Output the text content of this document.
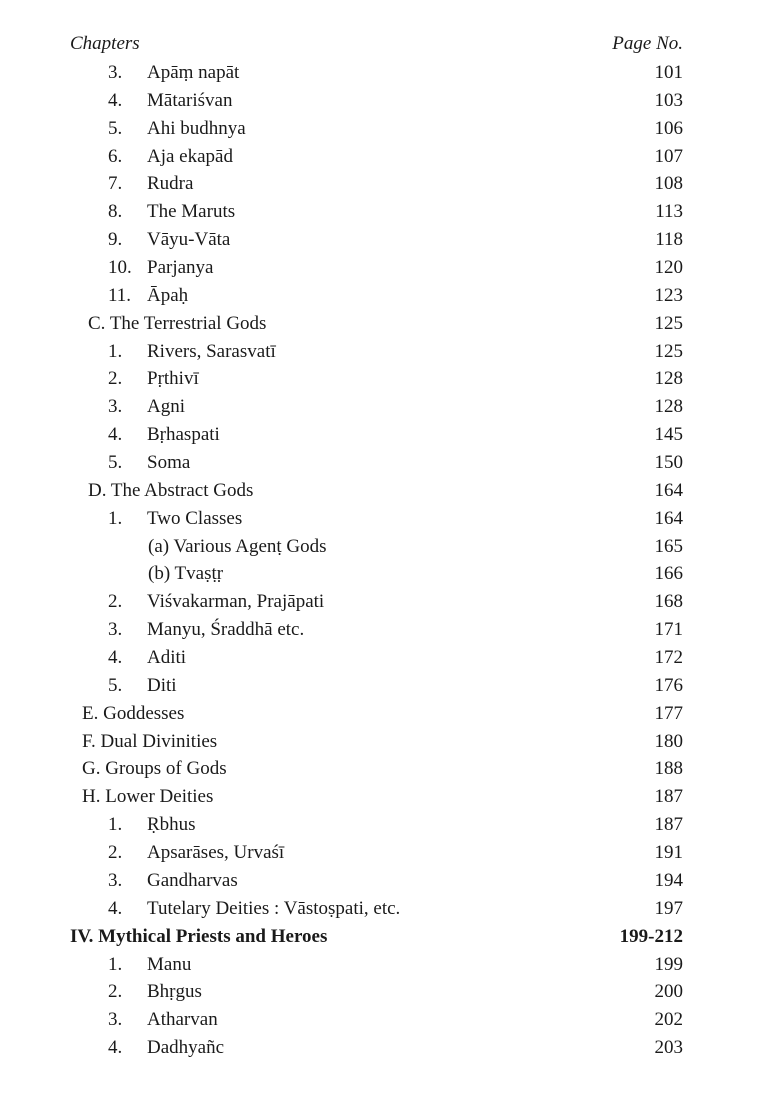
Chapters	Page No.
3. Apāṃ napāt	101
4. Mātariśvan	103
5. Ahi budhnya	106
6. Aja ekapād	107
7. Rudra	108
8. The Maruts	113
9. Vāyu-Vāta	118
10. Parjanya	120
11. Āpaḥ	123
C. The Terrestrial Gods	125
1. Rivers, Sarasvatī	125
2. Pṛthivī	128
3. Agni	128
4. Bṛhaspati	145
5. Soma	150
D. The Abstract Gods	164
1. Two Classes	164
(a) Various Agenṭ Gods	165
(b) Tvaṣṭṛ	166
2. Viśvakarman, Prajāpati	168
3. Manyu, Śraddhā etc.	171
4. Aditi	172
5. Diti	176
E. Goddesses	177
F. Dual Divinities	180
G. Groups of Gods	188
H. Lower Deities	187
1. Ṛbhus	187
2. Apsarāses, Urvaśī	191
3. Gandharvas	194
4. Tutelary Deities : Vāstoṣpati, etc.	197
IV. Mythical Priests and Heroes	199-212
1. Manu	199
2. Bhṛgus	200
3. Atharvan	202
4. Dadhyañc	203
